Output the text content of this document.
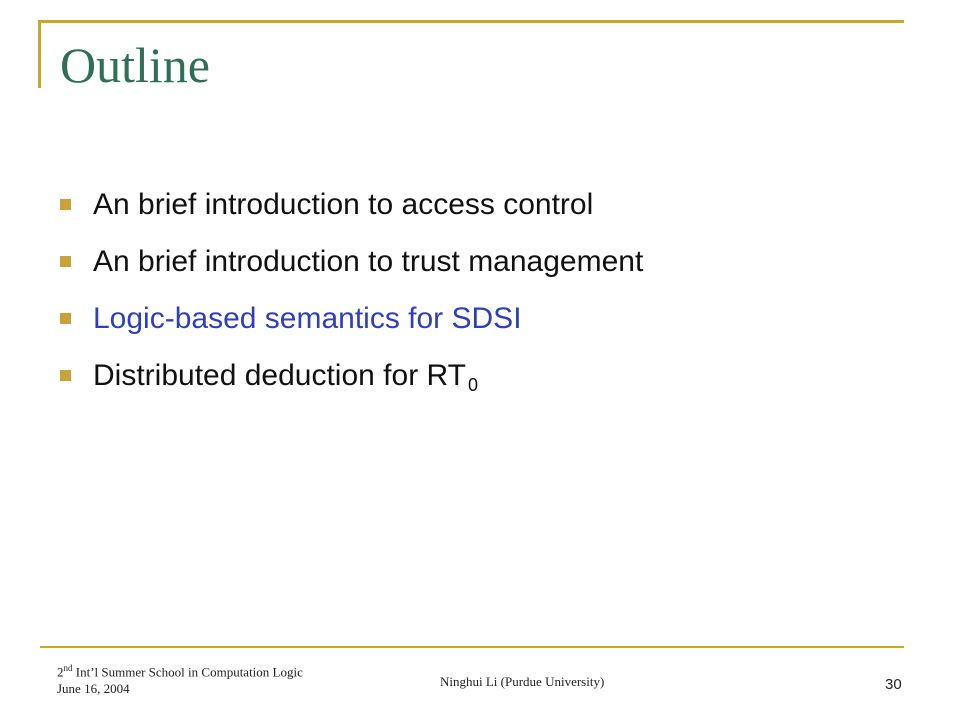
Outline
An brief introduction to access control
An brief introduction to trust management
Logic-based semantics for SDSI
Distributed deduction for RT 0
2nd Int’l Summer School in Computation Logic
June 16, 2004	Ninghui Li (Purdue University)	30
